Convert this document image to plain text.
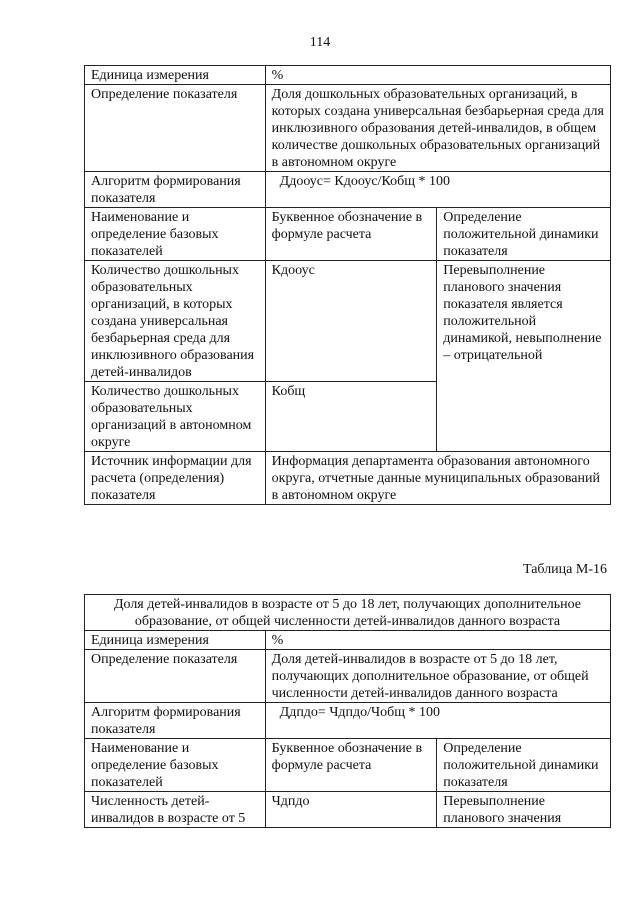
114
Единица измерения	%	
Определение показателя	Доля дошкольных образовательных организаций, в которых создана универсальная безбарьерная среда для инклюзивного образования детей-инвалидов, в общем количестве дошкольных образовательных организаций в автономном округе	
Алгоритм формирования показателя	Ддооус= Кдооус/Кобщ * 100	
Наименование и определение базовых показателей	Буквенное обозначение в формуле расчета	Определение положительной динамики показателя
Количество дошкольных образовательных организаций, в которых создана универсальная безбарьерная среда для инклюзивного образования детей-инвалидов	Кдооус	Перевыполнение планового значения показателя является положительной динамикой, невыполнение – отрицательной
Количество дошкольных образовательных организаций в автономном округе	Кобщ	
Источник информации для расчета (определения) показателя	Информация департамента образования автономного округа, отчетные данные муниципальных образований в автономном округе	
Таблица М-16
Доля детей-инвалидов в возрасте от 5 до 18 лет, получающих дополнительное образование, от общей численности детей-инвалидов данного возраста		
Единица измерения	%	
Определение показателя	Доля детей-инвалидов в возрасте от 5 до 18 лет, получающих дополнительное образование, от общей численности детей-инвалидов данного возраста	
Алгоритм формирования показателя	Ддпдо= Чдпдо/Чобщ * 100	
Наименование и определение базовых показателей	Буквенное обозначение в формуле расчета	Определение положительной динамики показателя
Численность детей-инвалидов в возрасте от 5	Чдпдо	Перевыполнение планового значения
